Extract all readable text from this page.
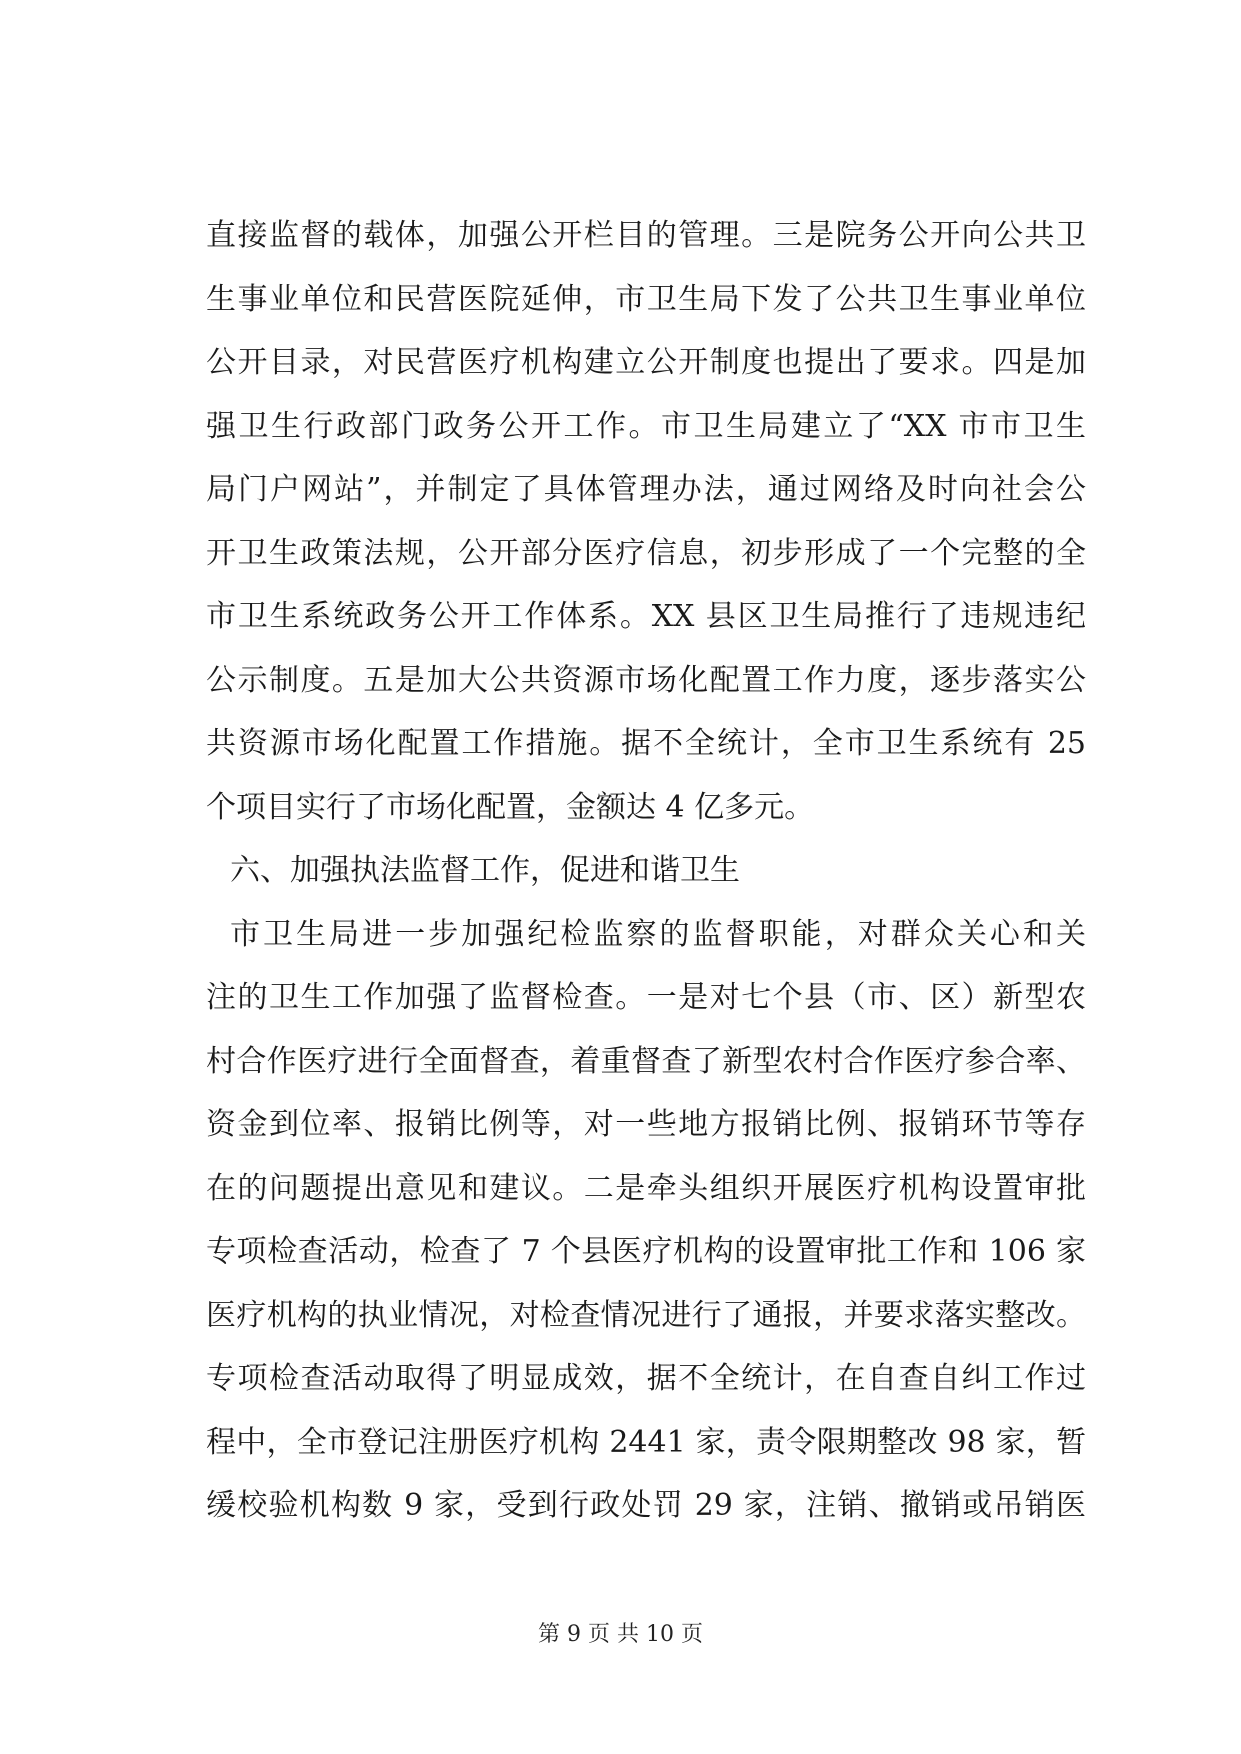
直接监督的载体，加强公开栏目的管理。三是院务公开向公共卫
生事业单位和民营医院延伸，市卫生局下发了公共卫生事业单位
公开目录，对民营医疗机构建立公开制度也提出了要求。四是加
强卫生行政部门政务公开工作。市卫生局建立了“XX 市市卫生
局门户网站”，并制定了具体管理办法，通过网络及时向社会公
开卫生政策法规，公开部分医疗信息，初步形成了一个完整的全
市卫生系统政务公开工作体系。XX 县区卫生局推行了违规违纪
公示制度。五是加大公共资源市场化配置工作力度，逐步落实公
共资源市场化配置工作措施。据不全统计，全市卫生系统有 25
个项目实行了市场化配置，金额达 4 亿多元。
六、加强执法监督工作，促进和谐卫生
市卫生局进一步加强纪检监察的监督职能，对群众关心和关
注的卫生工作加强了监督检查。一是对七个县（市、区）新型农
村合作医疗进行全面督查，着重督查了新型农村合作医疗参合率、
资金到位率、报销比例等，对一些地方报销比例、报销环节等存
在的问题提出意见和建议。二是牵头组织开展医疗机构设置审批
专项检查活动，检查了 7 个县医疗机构的设置审批工作和 106 家
医疗机构的执业情况，对检查情况进行了通报，并要求落实整改。
专项检查活动取得了明显成效，据不全统计，在自查自纠工作过
程中，全市登记注册医疗机构 2441 家，责令限期整改 98 家，暂
缓校验机构数 9 家，受到行政处罚 29 家，注销、撤销或吊销医
第 9 页 共 10 页
